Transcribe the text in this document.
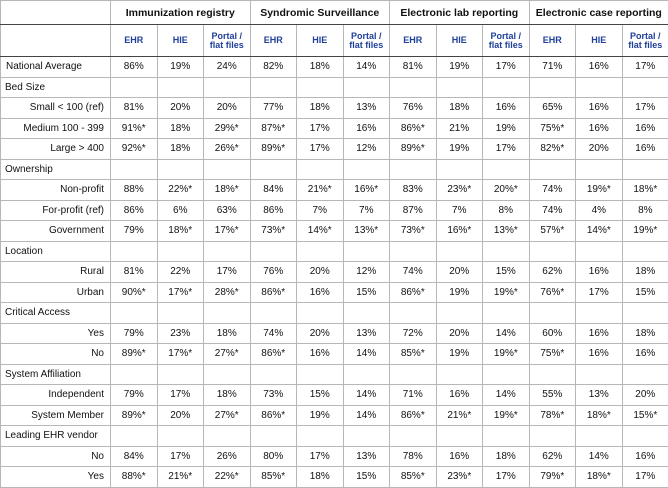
	Immunization registry			Syndromic Surveillance			Electronic lab reporting			Electronic case reporting		
	EHR	HIE	Portal / flat files	EHR	HIE	Portal / flat files	EHR	HIE	Portal / flat files	EHR	HIE	Portal / flat files
National Average	86%	19%	24%	82%	18%	14%	81%	19%	17%	71%	16%	17%
Bed Size												
Small < 100 (ref)	81%	20%	20%	77%	18%	13%	76%	18%	16%	65%	16%	17%
Medium 100 - 399	91%*	18%	29%*	87%*	17%	16%	86%*	21%	19%	75%*	16%	16%
Large > 400	92%*	18%	26%*	89%*	17%	12%	89%*	19%	17%	82%*	20%	16%
Ownership												
Non-profit	88%	22%*	18%*	84%	21%*	16%*	83%	23%*	20%*	74%	19%*	18%*
For-profit (ref)	86%	6%	63%	86%	7%	7%	87%	7%	8%	74%	4%	8%
Government	79%	18%*	17%*	73%*	14%*	13%*	73%*	16%*	13%*	57%*	14%*	19%*
Location												
Rural	81%	22%	17%	76%	20%	12%	74%	20%	15%	62%	16%	18%
Urban	90%*	17%*	28%*	86%*	16%	15%	86%*	19%	19%*	76%*	17%	15%
Critical Access												
Yes	79%	23%	18%	74%	20%	13%	72%	20%	14%	60%	16%	18%
No	89%*	17%*	27%*	86%*	16%	14%	85%*	19%	19%*	75%*	16%	16%
System Affiliation												
Independent	79%	17%	18%	73%	15%	14%	71%	16%	14%	55%	13%	20%
System Member	89%*	20%	27%*	86%*	19%	14%	86%*	21%*	19%*	78%*	18%*	15%*
Leading EHR vendor												
No	84%	17%	26%	80%	17%	13%	78%	16%	18%	62%	14%	16%
Yes	88%*	21%*	22%*	85%*	18%	15%	85%*	23%*	17%	79%*	18%*	17%
